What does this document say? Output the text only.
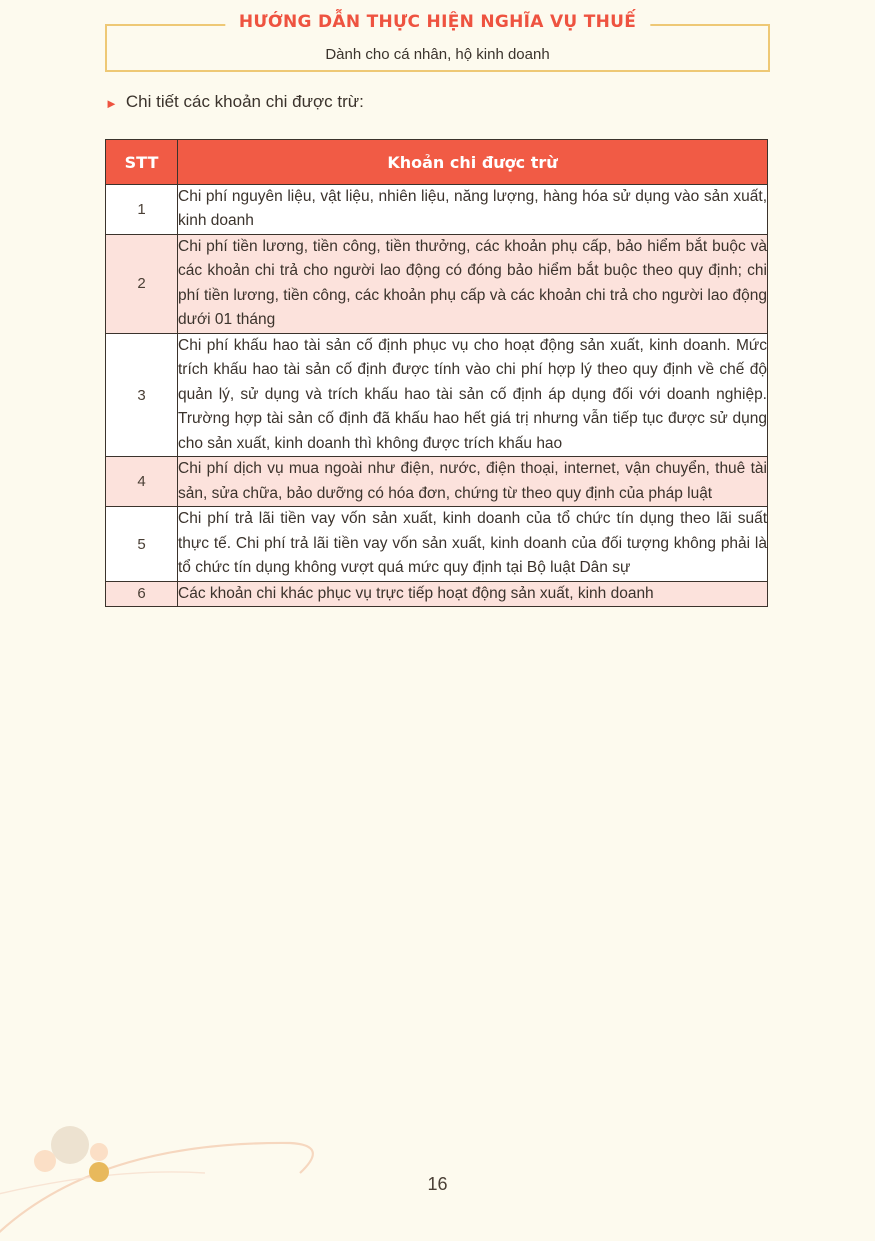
HƯỚNG DẪN THỰC HIỆN NGHĨA VỤ THUẾ
Dành cho cá nhân, hộ kinh doanh
► Chi tiết các khoản chi được trừ:
STT	Khoản chi được trừ
1	Chi phí nguyên liệu, vật liệu, nhiên liệu, năng lượng, hàng hóa sử dụng vào sản xuất, kinh doanh
2	Chi phí tiền lương, tiền công, tiền thưởng, các khoản phụ cấp, bảo hiểm bắt buộc và các khoản chi trả cho người lao động có đóng bảo hiểm bắt buộc theo quy định; chi phí tiền lương, tiền công, các khoản phụ cấp và các khoản chi trả cho người lao động dưới 01 tháng
3	Chi phí khấu hao tài sản cố định phục vụ cho hoạt động sản xuất, kinh doanh. Mức trích khấu hao tài sản cố định được tính vào chi phí hợp lý theo quy định về chế độ quản lý, sử dụng và trích khấu hao tài sản cố định áp dụng đối với doanh nghiệp. Trường hợp tài sản cố định đã khấu hao hết giá trị nhưng vẫn tiếp tục được sử dụng cho sản xuất, kinh doanh thì không được trích khấu hao
4	Chi phí dịch vụ mua ngoài như điện, nước, điện thoại, internet, vận chuyển, thuê tài sản, sửa chữa, bảo dưỡng có hóa đơn, chứng từ theo quy định của pháp luật
5	Chi phí trả lãi tiền vay vốn sản xuất, kinh doanh của tổ chức tín dụng theo lãi suất thực tế. Chi phí trả lãi tiền vay vốn sản xuất, kinh doanh của đối tượng không phải là tổ chức tín dụng không vượt quá mức quy định tại Bộ luật Dân sự
6	Các khoản chi khác phục vụ trực tiếp hoạt động sản xuất, kinh doanh
16
